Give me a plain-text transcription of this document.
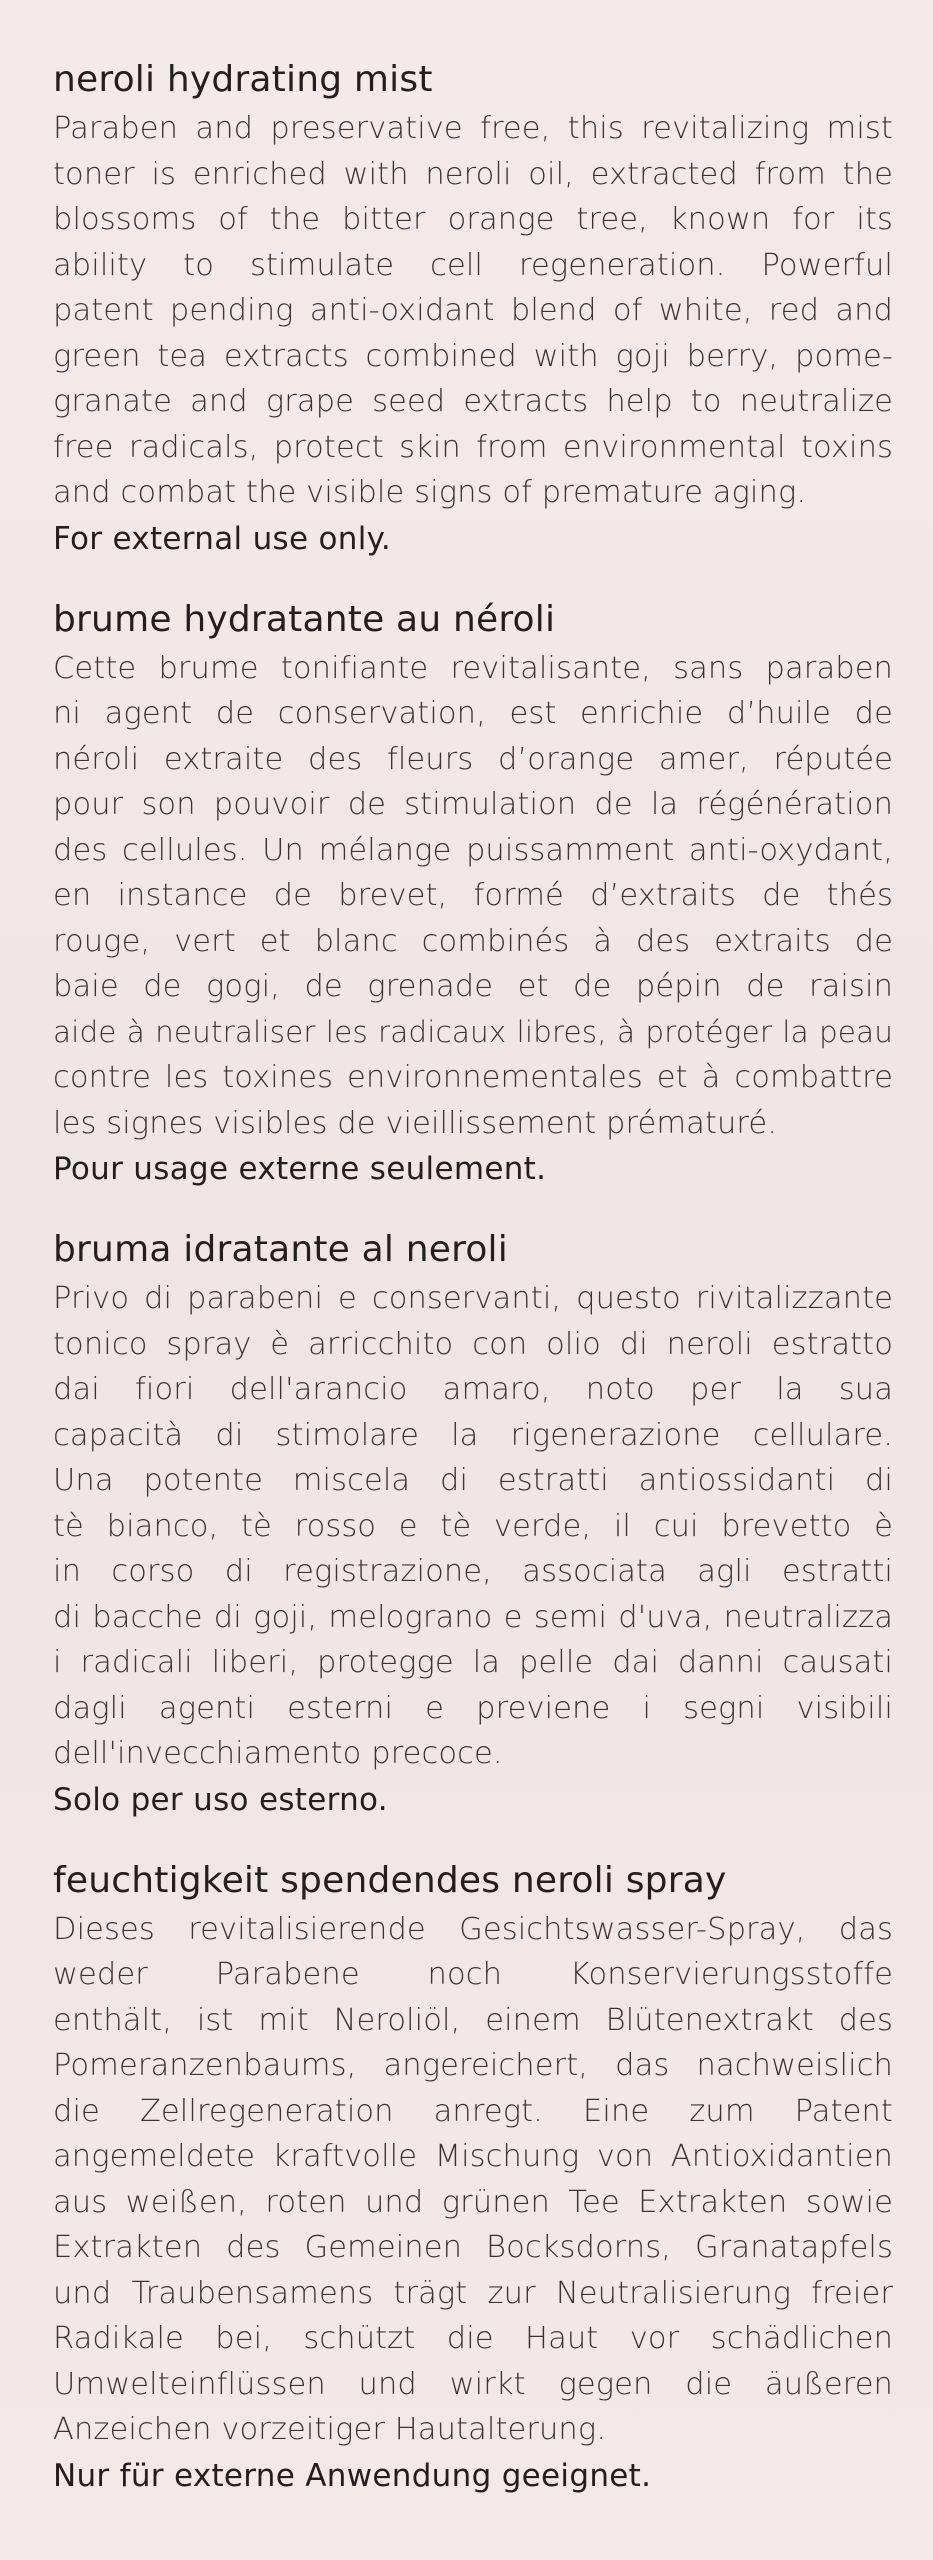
neroli hydrating mist

Paraben and preservative free, this revitalizing mist
toner is enriched with neroli oil, extracted from the
blossoms of the bitter orange tree, known for its
ability to stimulate cell regeneration. Powerful
patent pending anti-oxidant blend of white, red and
green tea extracts combined with goji berry, pome-
granate and grape seed extracts help to neutralize
free radicals, protect skin from environmental toxins
and combat the visible signs of premature aging.

For external use only.

brume hydratante au néroli

Cette brume tonifiante revitalisante, sans paraben
ni agent de conservation, est enrichie d’huile de
néroli extraite des fleurs d’orange amer, réputée
pour son pouvoir de stimulation de la régénération
des cellules. Un mélange puissamment anti-oxydant,
en instance de brevet, formé d’extraits de thés
rouge, vert et blanc combinés à des extraits de
baie de gogi, de grenade et de pépin de raisin
aide à neutraliser les radicaux libres, à protéger la peau
contre les toxines environnementales et à combattre
les signes visibles de vieillissement prématuré.

Pour usage externe seulement.

bruma idratante al neroli

Privo di parabeni e conservanti, questo rivitalizzante
tonico spray è arricchito con olio di neroli estratto
dai fiori dell'arancio amaro, noto per la sua
capacità di stimolare la rigenerazione cellulare.
Una potente miscela di estratti antiossidanti di
tè bianco, tè rosso e tè verde, il cui brevetto è
in corso di registrazione, associata agli estratti
di bacche di goji, melograno e semi d'uva, neutralizza
i radicali liberi, protegge la pelle dai danni causati
dagli agenti esterni e previene i segni visibili
dell'invecchiamento precoce.

Solo per uso esterno.

feuchtigkeit spendendes neroli spray

Dieses revitalisierende Gesichtswasser-Spray, das
weder Parabene noch Konservierungsstoffe
enthält, ist mit Neroliöl, einem Blütenextrakt des
Pomeranzenbaums, angereichert, das nachweislich
die Zellregeneration anregt. Eine zum Patent
angemeldete kraftvolle Mischung von Antioxidantien
aus weißen, roten und grünen Tee Extrakten sowie
Extrakten des Gemeinen Bocksdorns, Granatapfels
und Traubensamens trägt zur Neutralisierung freier
Radikale bei, schützt die Haut vor schädlichen
Umwelteinflüssen und wirkt gegen die äußeren
Anzeichen vorzeitiger Hautalterung.

Nur für externe Anwendung geeignet.
